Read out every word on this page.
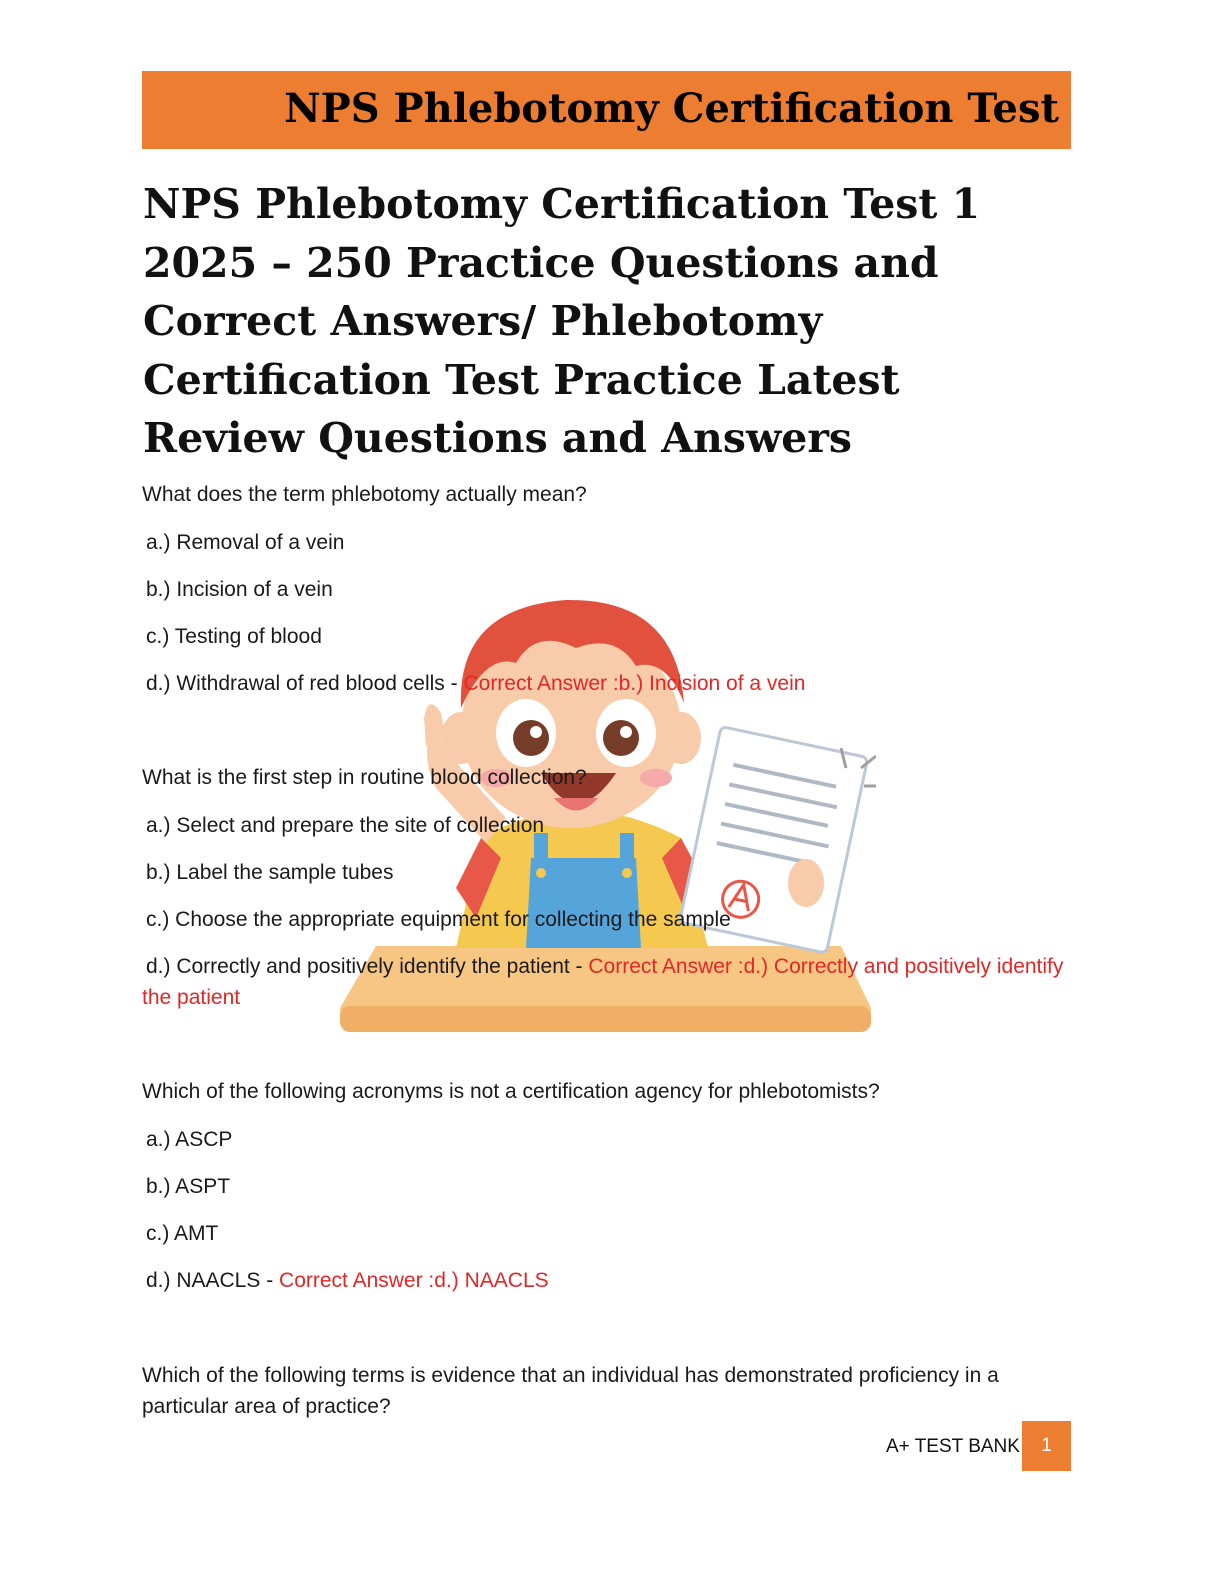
NPS Phlebotomy Certification Test
NPS Phlebotomy Certification Test 1 2025 – 250 Practice Questions and Correct Answers/ Phlebotomy Certification Test Practice Latest Review Questions and Answers

What does the term phlebotomy actually mean?

a.) Removal of a vein

b.) Incision of a vein

c.) Testing of blood

d.) Withdrawal of red blood cells - Correct Answer :b.) Incision of a vein

What is the first step in routine blood collection?

a.) Select and prepare the site of collection

b.) Label the sample tubes

c.) Choose the appropriate equipment for collecting the sample

d.) Correctly and positively identify the patient - Correct Answer :d.) Correctly and positively identify the patient

Which of the following acronyms is not a certification agency for phlebotomists?

a.) ASCP

b.) ASPT

c.) AMT

d.) NAACLS - Correct Answer :d.) NAACLS

Which of the following terms is evidence that an individual has demonstrated proficiency in a particular area of practice?

A+ TEST BANK	1
